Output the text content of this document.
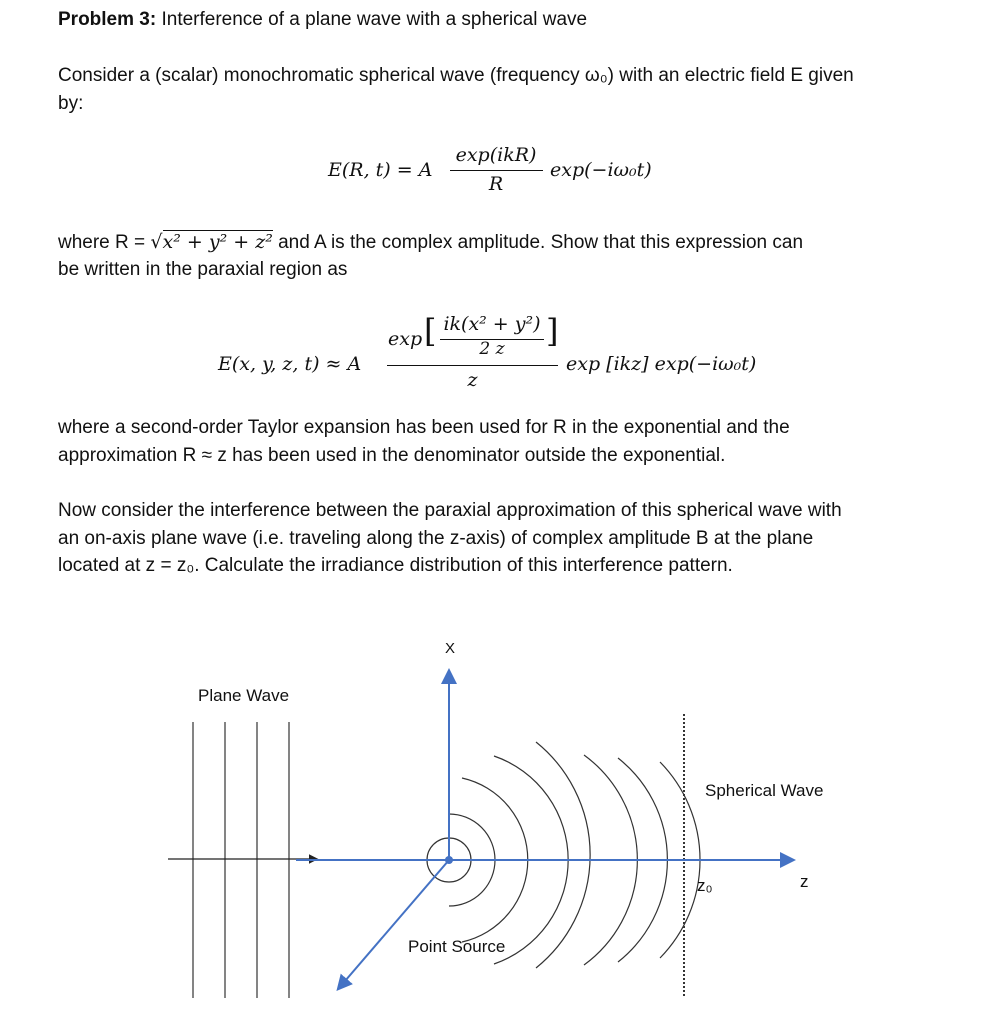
Problem 3: Interference of a plane wave with a spherical wave
Consider a (scalar) monochromatic spherical wave (frequency ω₀) with an electric field E given
by:
E(R, t) = A
exp(ikR)
R
exp(−iω₀t)
where R = √x² + y² + z² and A is the complex amplitude. Show that this expression can
be written in the paraxial region as
E(x, y, z, t) ≈ A
exp [ ik(x² + y²)
2 z	]
z
exp [ikz] exp(−iω₀t)
where a second-order Taylor expansion has been used for R in the exponential and the
approximation R ≈ z has been used in the denominator outside the exponential.
Now consider the interference between the paraxial approximation of this spherical wave with
an on-axis plane wave (i.e. traveling along the z-axis) of complex amplitude B at the plane
located at z = z₀. Calculate the irradiance distribution of this interference pattern.
X
Plane Wave
Spherical Wave
z₀	z
Point Source
